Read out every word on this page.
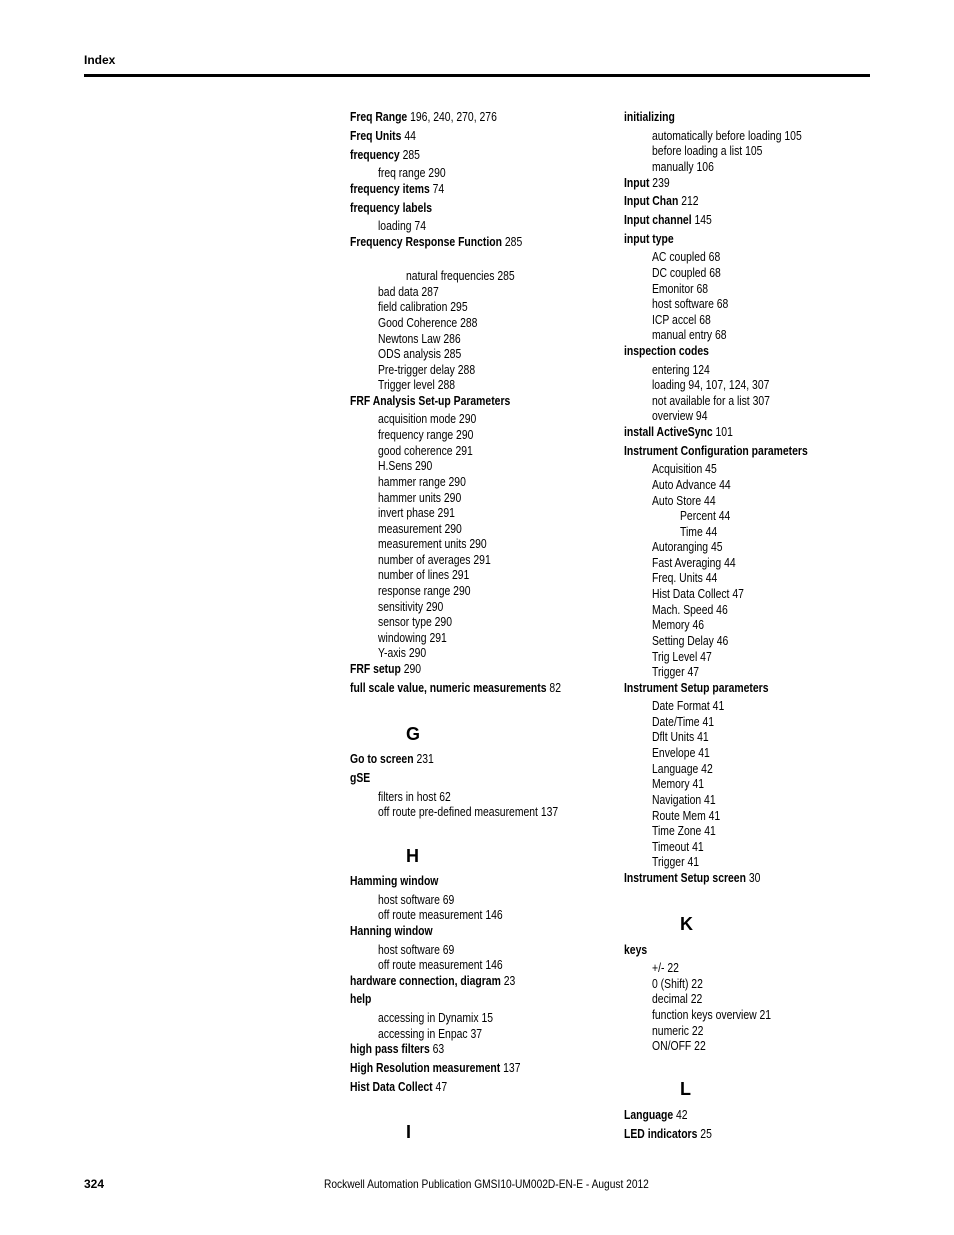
Index
Freq Range 196, 240, 270, 276
Freq Units 44
frequency 285
freq range 290
frequency items 74
frequency labels
loading 74
Frequency Response Function 285
natural frequencies 285
bad data 287
field calibration 295
Good Coherence 288
Newtons Law 286
ODS analysis 285
Pre-trigger delay 288
Trigger level 288
FRF Analysis Set-up Parameters
acquisition mode 290
frequency range 290
good coherence 291
H.Sens 290
hammer range 290
hammer units 290
invert phase 291
measurement 290
measurement units 290
number of averages 291
number of lines 291
response range 290
sensitivity 290
sensor type 290
windowing 291
Y-axis 290
FRF setup 290
full scale value, numeric measurements 82
G
Go to screen 231
gSE
filters in host 62
off route pre-defined measurement 137
H
Hamming window
host software 69
off route measurement 146
Hanning window
host software 69
off route measurement 146
hardware connection, diagram 23
help
accessing in Dynamix 15
accessing in Enpac 37
high pass filters 63
High Resolution measurement 137
Hist Data Collect 47
I
initializing
automatically before loading 105
before loading a list 105
manually 106
Input 239
Input Chan 212
Input channel 145
input type
AC coupled 68
DC coupled 68
Emonitor 68
host software 68
ICP accel 68
manual entry 68
inspection codes
entering 124
loading 94, 107, 124, 307
not available for a list 307
overview 94
install ActiveSync 101
Instrument Configuration parameters
Acquisition 45
Auto Advance 44
Auto Store 44
Percent 44
Time 44
Autoranging 45
Fast Averaging 44
Freq. Units 44
Hist Data Collect 47
Mach. Speed 46
Memory 46
Setting Delay 46
Trig Level 47
Trigger 47
Instrument Setup parameters
Date Format 41
Date/Time 41
Dflt Units 41
Envelope 41
Language 42
Memory 41
Navigation 41
Route Mem 41
Time Zone 41
Timeout 41
Trigger 41
Instrument Setup screen 30
K
keys
+/- 22
0 (Shift) 22
decimal 22
function keys overview 21
numeric 22
ON/OFF 22
L
Language 42
LED indicators 25
324	Rockwell Automation Publication GMSI10-UM002D-EN-E - August 2012
